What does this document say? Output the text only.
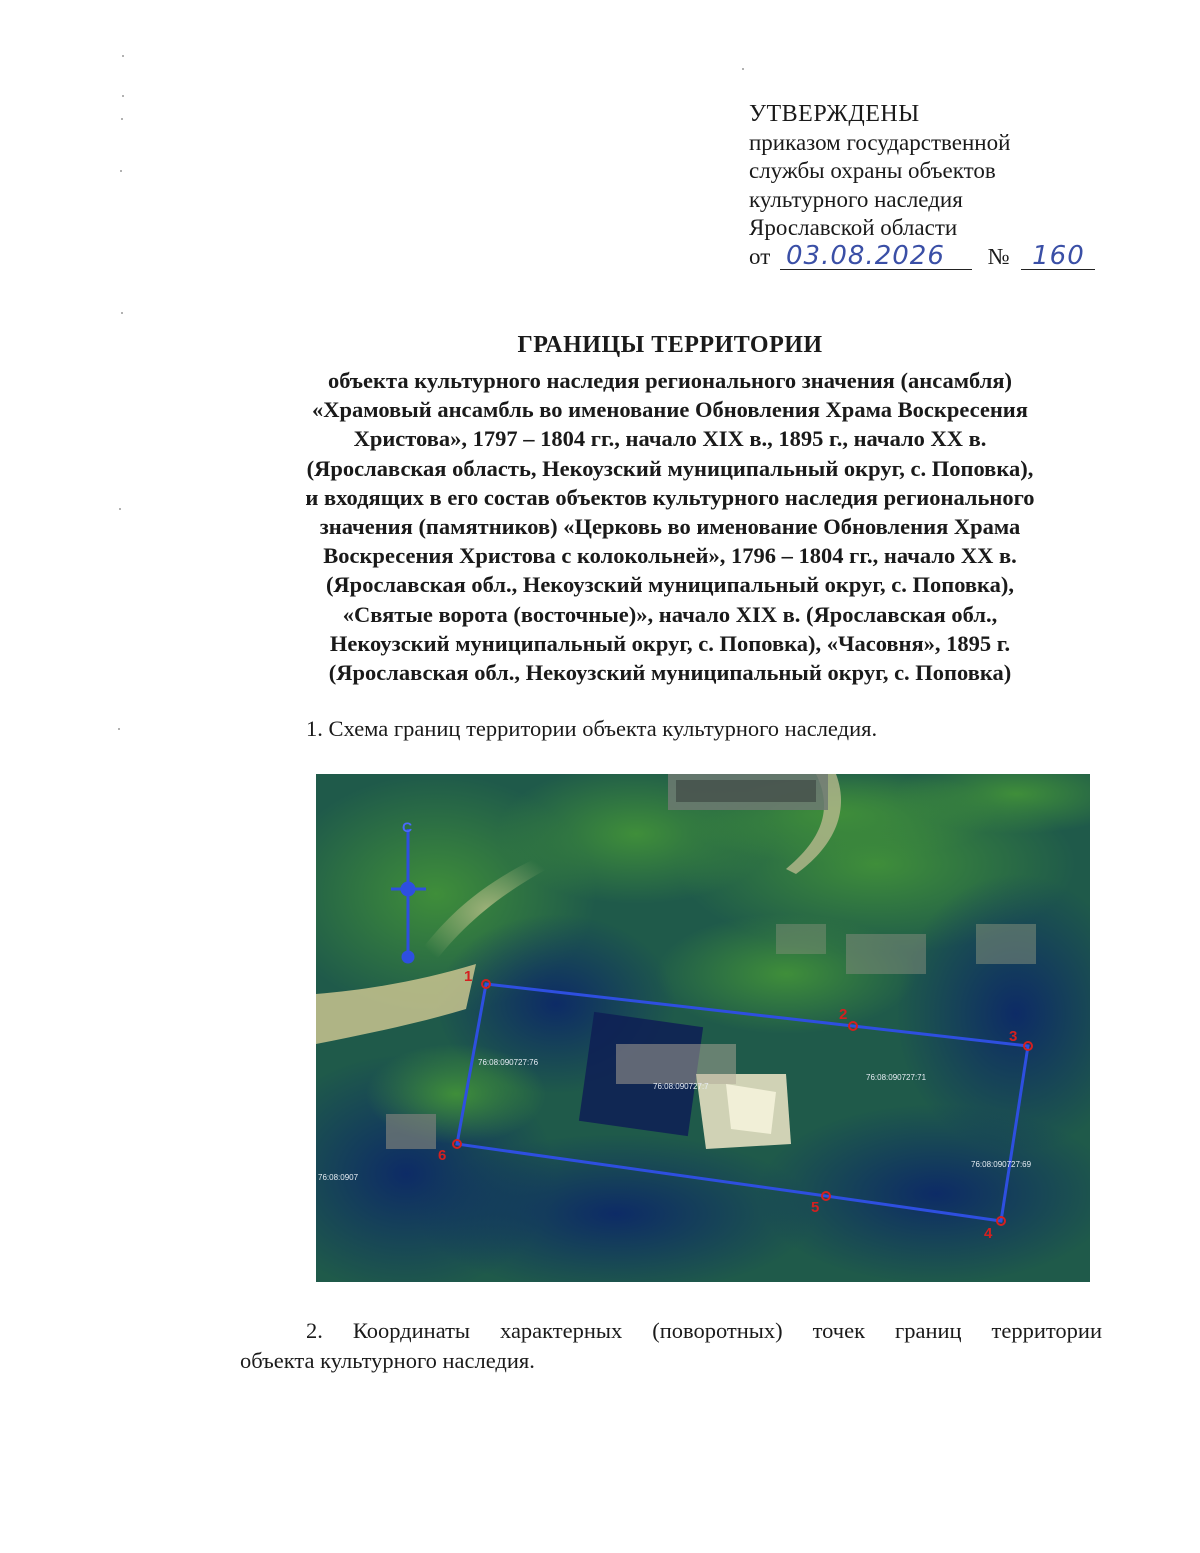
УТВЕРЖДЕНЫ
приказом государственной
службы охраны объектов
культурного наследия
Ярославской области
от 03.08.2026 № 160
ГРАНИЦЫ ТЕРРИТОРИИ
объекта культурного наследия регионального значения (ансамбля)
«Храмовый ансамбль во именование Обновления Храма Воскресения
Христова», 1797 – 1804 гг., начало XIX в., 1895 г., начало XX в.
(Ярославская область, Некоузский муниципальный округ, с. Поповка),
и входящих в его состав объектов культурного наследия регионального
значения (памятников) «Церковь во именование Обновления Храма
Воскресения Христова с колокольней», 1796 – 1804 гг., начало XX в.
(Ярославская обл., Некоузский муниципальный округ, с. Поповка),
«Святые ворота (восточные)», начало XIX в. (Ярославская обл.,
Некоузский муниципальный округ, с. Поповка), «Часовня», 1895 г.
(Ярославская обл., Некоузский муниципальный округ, с. Поповка)
1. Схема границ территории объекта культурного наследия.
С
1
2
3
4
5
6
76:08:090727:76
76:08:090727:7
76:08:090727:71
76:08:090727:69
76:08:0907
2. Координаты характерных (поворотных) точек границ территории
объекта культурного наследия.
